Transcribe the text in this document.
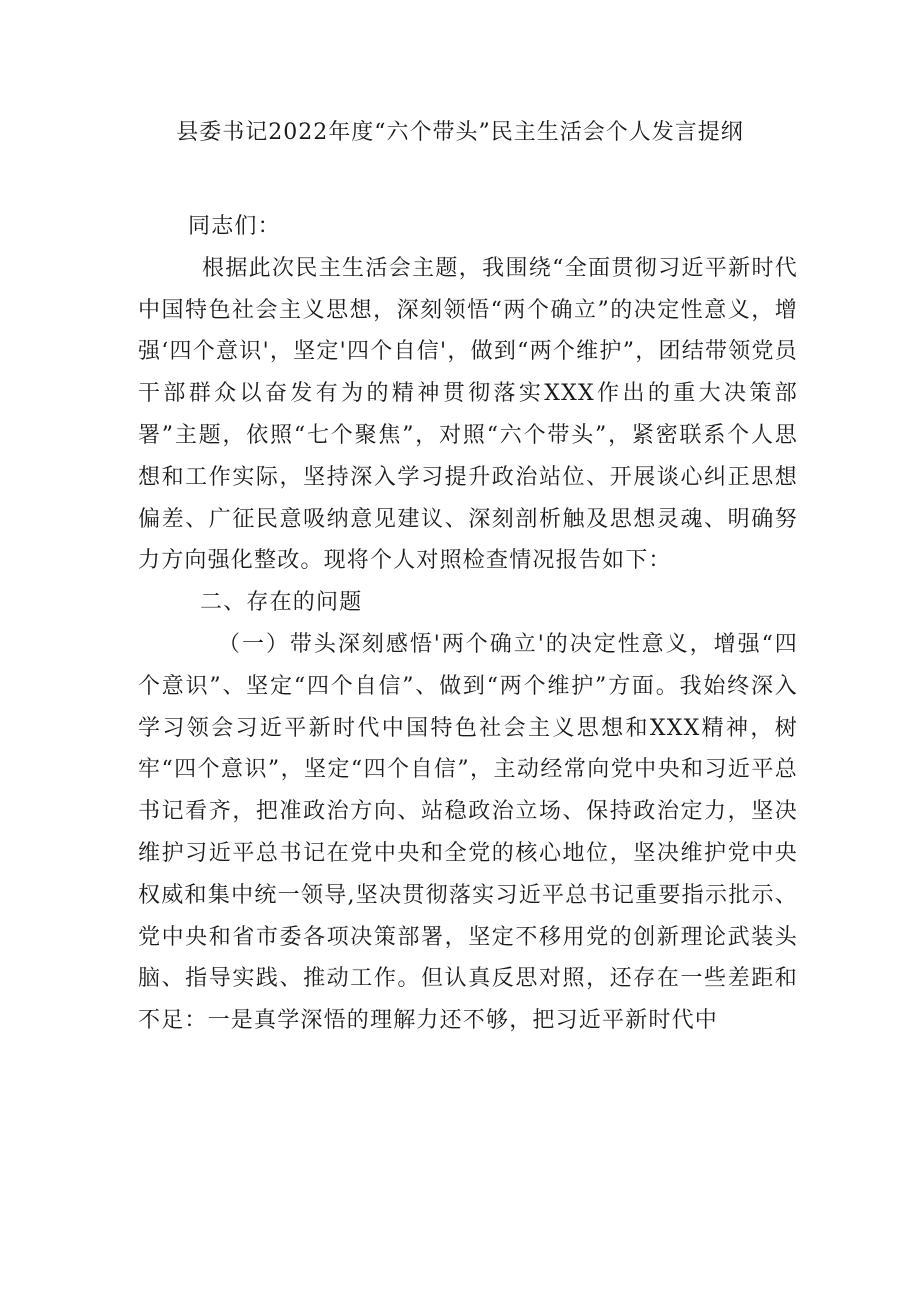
县委书记2022年度“六个带头”民主生活会个人发言提纲

同志们：

根据此次民主生活会主题，我围绕“全面贯彻习近平新时代中国特色社会主义思想，深刻领悟“两个确立”的决定性意义，增强‘四个意识'，坚定'四个自信'，做到“两个维护”，团结带领党员干部群众以奋发有为的精神贯彻落实XXX作出的重大决策部署”主题，依照“七个聚焦”，对照“六个带头”，紧密联系个人思想和工作实际，坚持深入学习提升政治站位、开展谈心纠正思想偏差、广征民意吸纳意见建议、深刻剖析触及思想灵魂、明确努力方向强化整改。现将个人对照检查情况报告如下：

二、存在的问题

（一）带头深刻感悟'两个确立'的决定性意义，增强“四个意识”、坚定“四个自信”、做到“两个维护”方面。我始终深入学习领会习近平新时代中国特色社会主义思想和XXX精神，树牢“四个意识”，坚定“四个自信”，主动经常向党中央和习近平总书记看齐，把准政治方向、站稳政治立场、保持政治定力，坚决维护习近平总书记在党中央和全党的核心地位，坚决维护党中央权威和集中统一领导,坚决贯彻落实习近平总书记重要指示批示、党中央和省市委各项决策部署，坚定不移用党的创新理论武装头脑、指导实践、推动工作。但认真反思对照，还存在一些差距和不足：一是真学深悟的理解力还不够，把习近平新时代中
